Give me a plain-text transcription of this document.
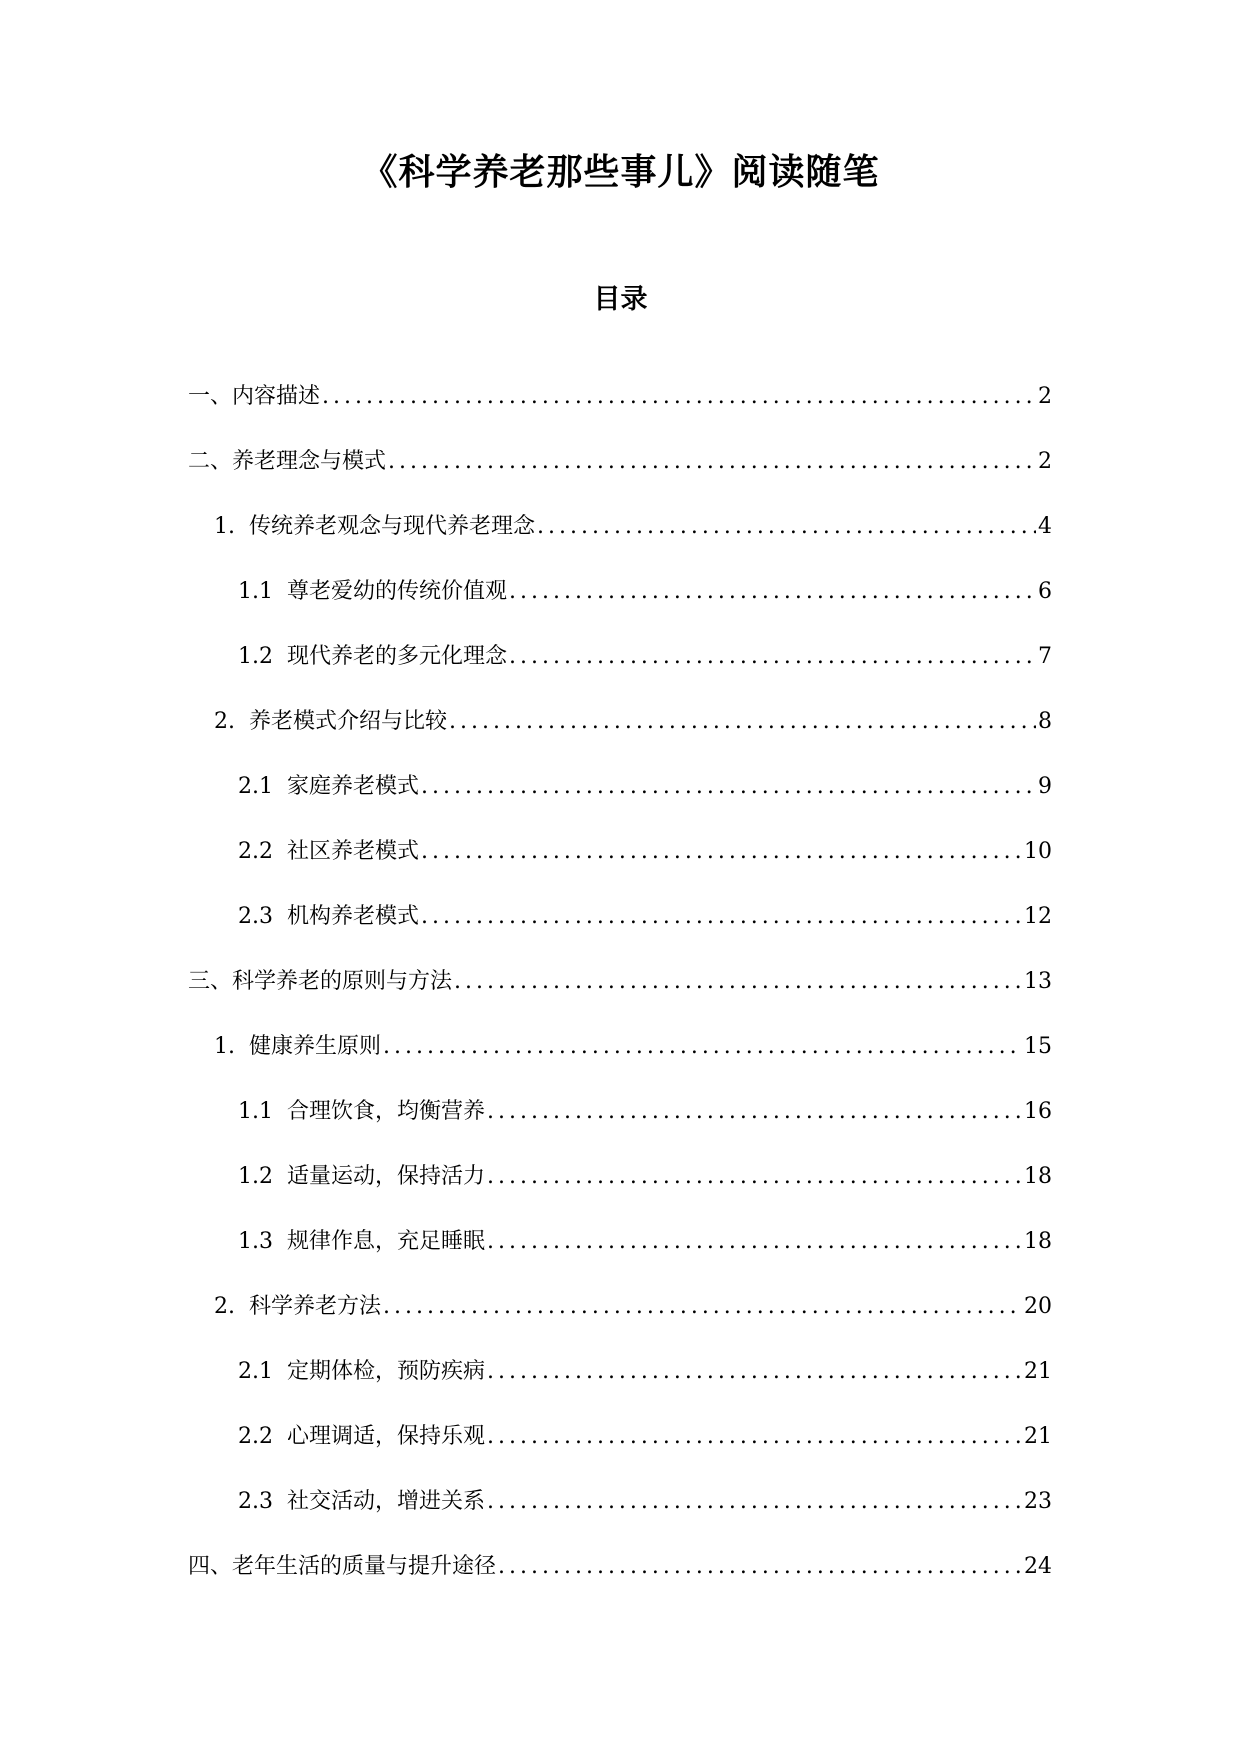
《科学养老那些事儿》阅读随笔
目录
一、内容描述 .....	2
二、养老理念与模式 .....	2
1. 传统养老观念与现代养老理念 .....	4
1.1 尊老爱幼的传统价值观 .....	6
1.2 现代养老的多元化理念 .....	7
2. 养老模式介绍与比较 .....	8
2.1 家庭养老模式 .....	9
2.2 社区养老模式 .....	10
2.3 机构养老模式 .....	12
三、科学养老的原则与方法 .....	13
1. 健康养生原则 .....	15
1.1 合理饮食，均衡营养 .....	16
1.2 适量运动，保持活力 .....	18
1.3 规律作息，充足睡眠 .....	18
2. 科学养老方法 .....	20
2.1 定期体检，预防疾病 .....	21
2.2 心理调适，保持乐观 .....	21
2.3 社交活动，增进关系 .....	23
四、老年生活的质量与提升途径 .....	24
